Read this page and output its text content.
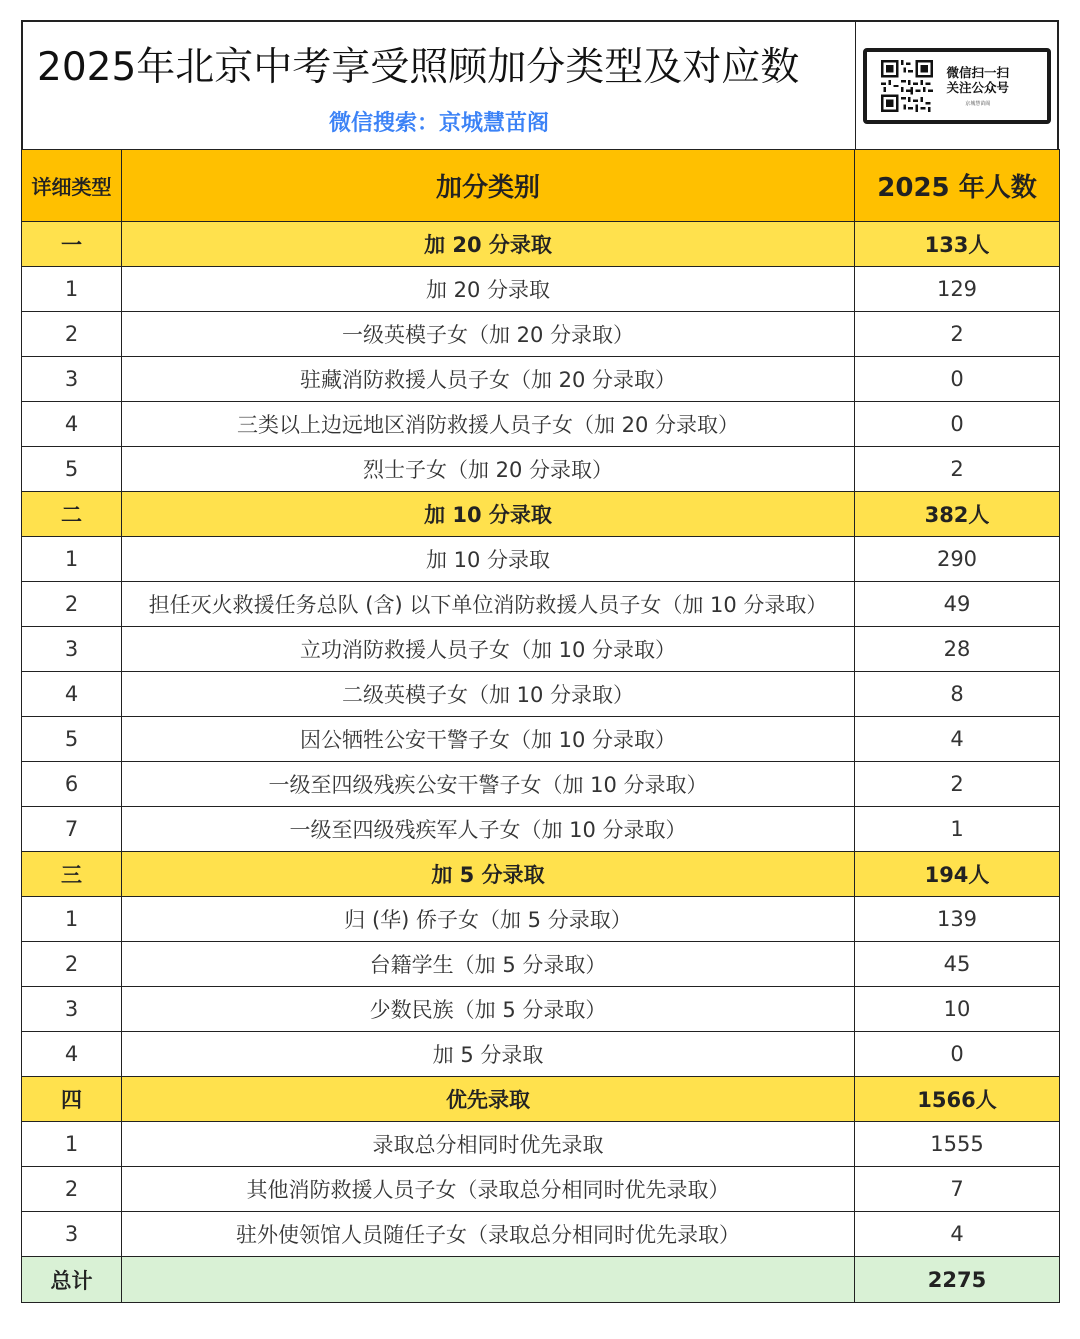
2025年北京中考享受照顾加分类型及对应数
微信搜索：京城慧苗阁
微信扫一扫
关注公众号
京城慧苗阁
详细类型	加分类别	2025 年人数
一	加 20 分录取	133人
1	加 20 分录取	129
2	一级英模子女（加 20 分录取）	2
3	驻藏消防救援人员子女（加 20 分录取）	0
4	三类以上边远地区消防救援人员子女（加 20 分录取）	0
5	烈士子女（加 20 分录取）	2
二	加 10 分录取	382人
1	加 10 分录取	290
2	担任灭火救援任务总队 (含) 以下单位消防救援人员子女（加 10 分录取）	49
3	立功消防救援人员子女（加 10 分录取）	28
4	二级英模子女（加 10 分录取）	8
5	因公牺牲公安干警子女（加 10 分录取）	4
6	一级至四级残疾公安干警子女（加 10 分录取）	2
7	一级至四级残疾军人子女（加 10 分录取）	1
三	加 5 分录取	194人
1	归 (华) 侨子女（加 5 分录取）	139
2	台籍学生（加 5 分录取）	45
3	少数民族（加 5 分录取）	10
4	加 5 分录取	0
四	优先录取	1566人
1	录取总分相同时优先录取	1555
2	其他消防救援人员子女（录取总分相同时优先录取）	7
3	驻外使领馆人员随任子女（录取总分相同时优先录取）	4
总计		2275
